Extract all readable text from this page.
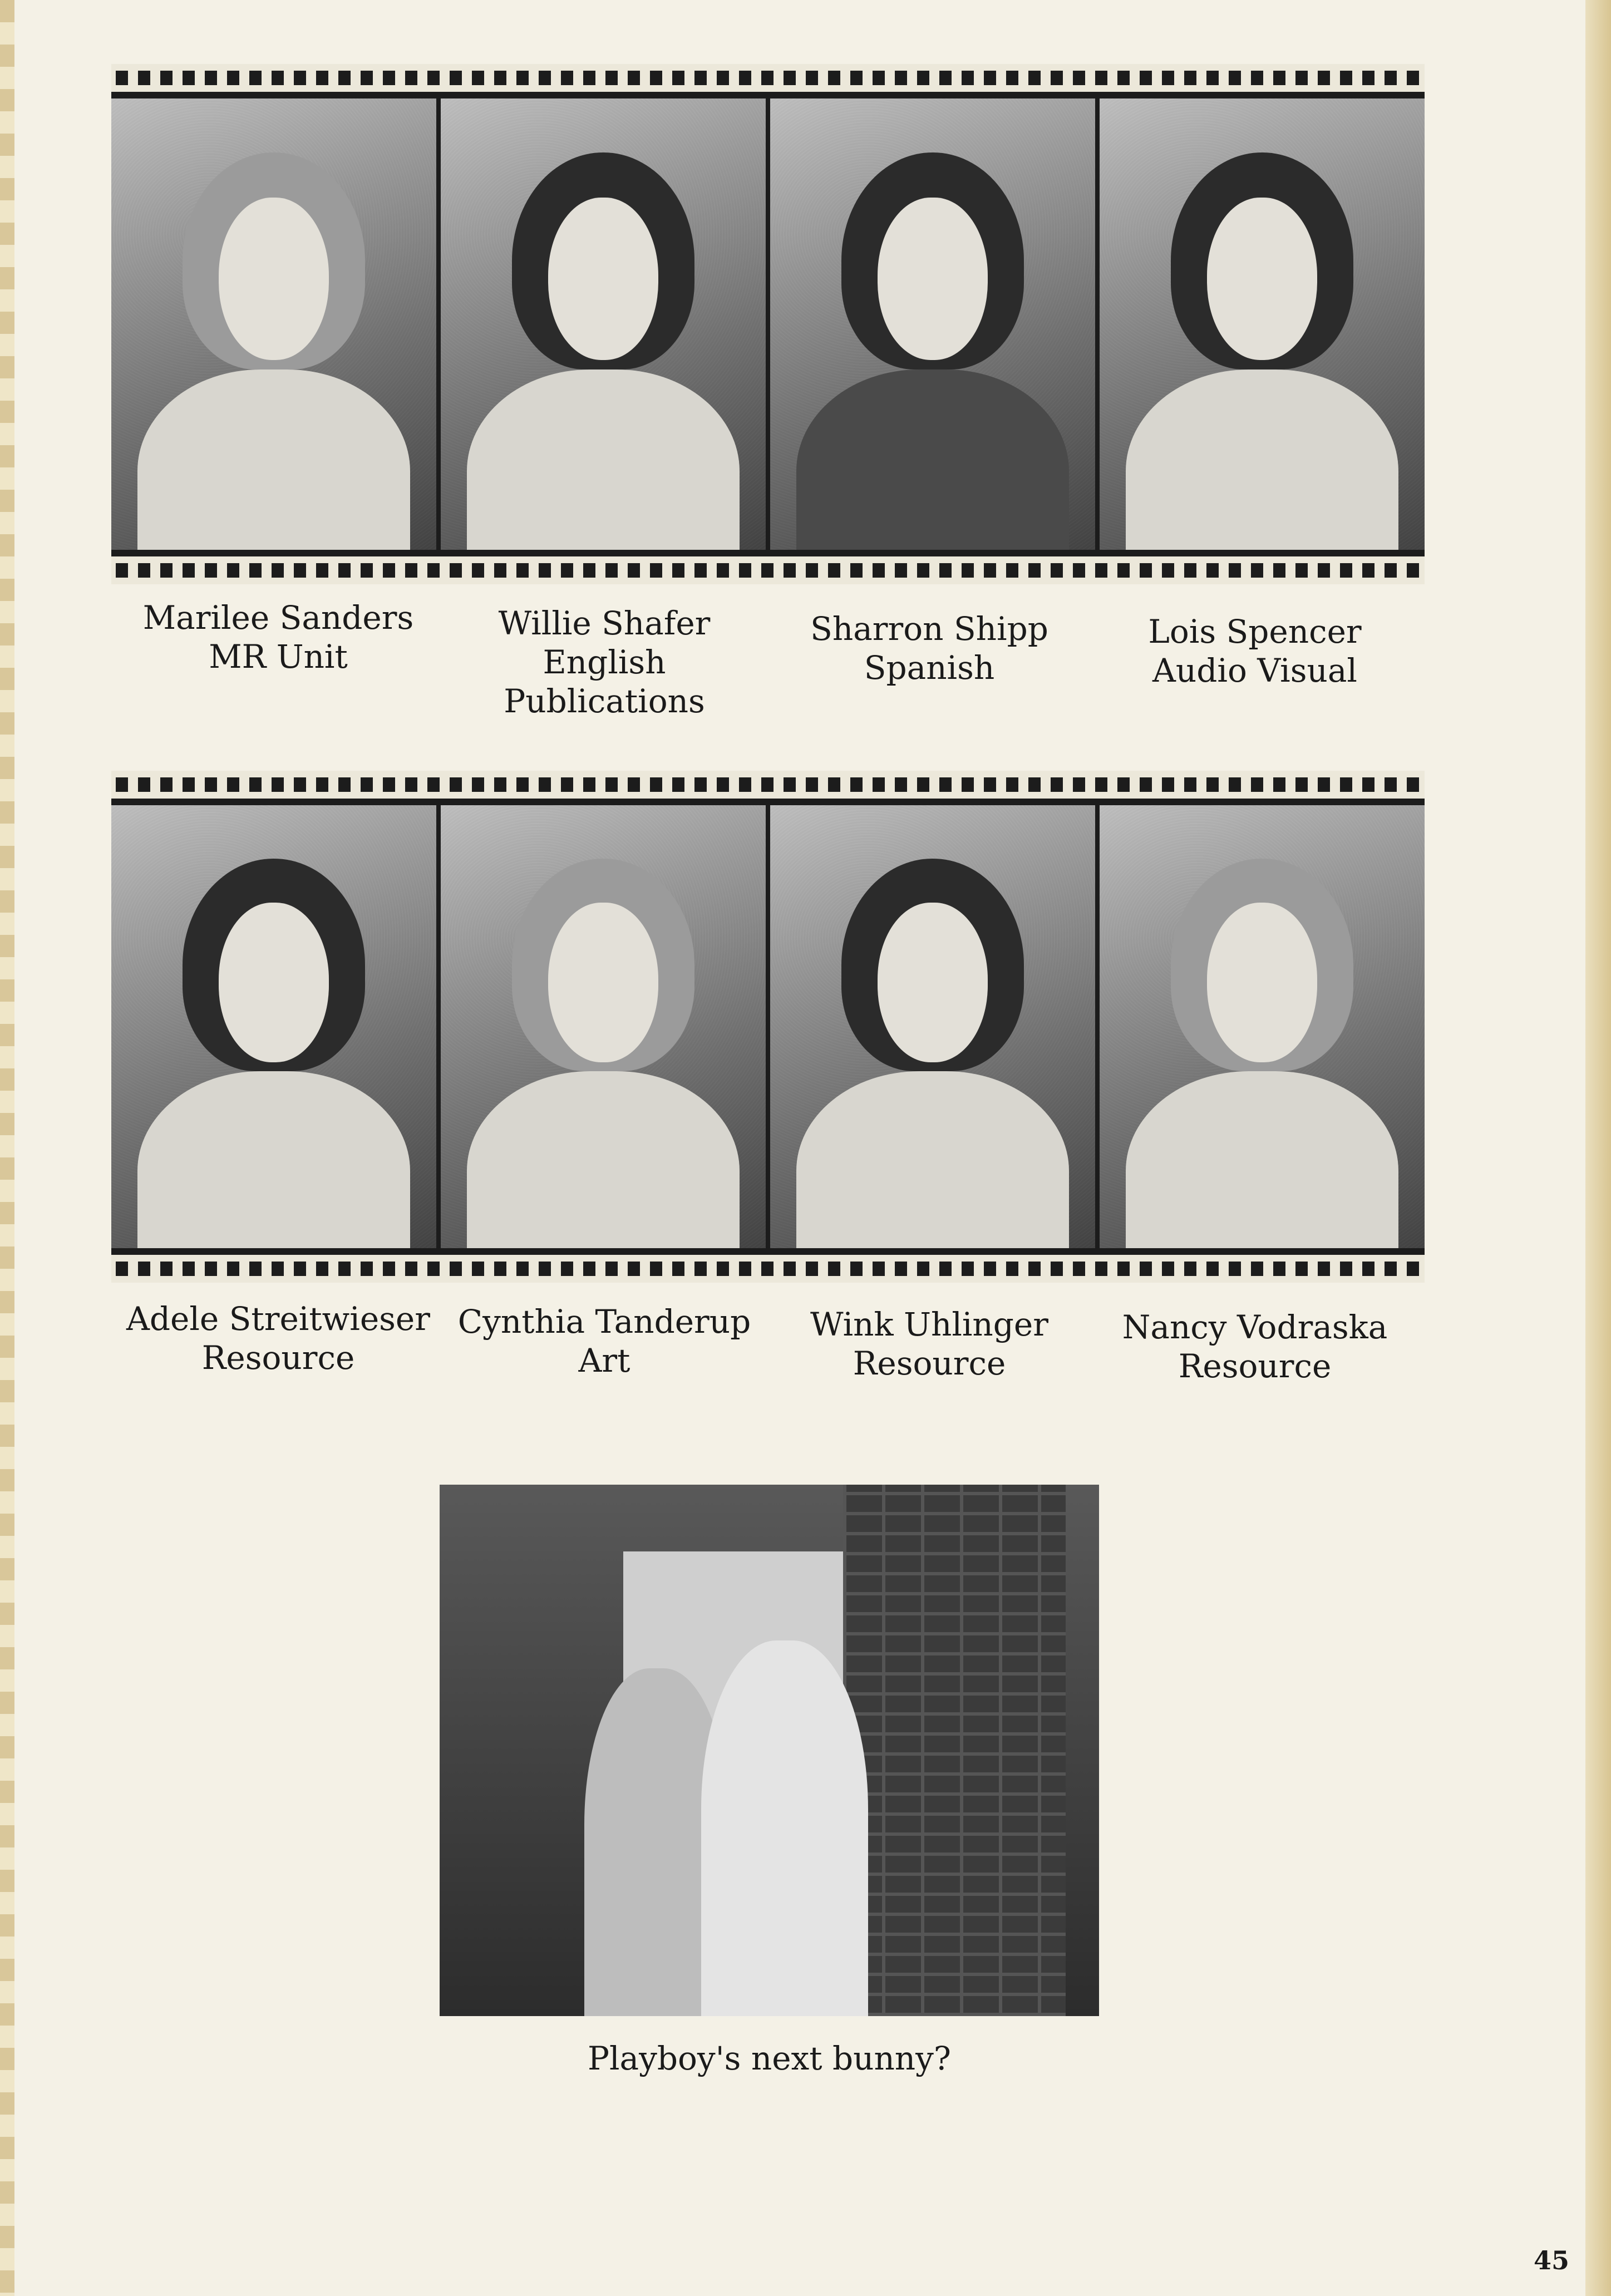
Marilee Sanders
MR Unit
Willie Shafer
English
Publications
Sharron Shipp
Spanish
Lois Spencer
Audio Visual
Adele Streitwieser
Resource
Cynthia Tanderup
Art
Wink Uhlinger
Resource
Nancy Vodraska
Resource
Playboy's next bunny?
45
